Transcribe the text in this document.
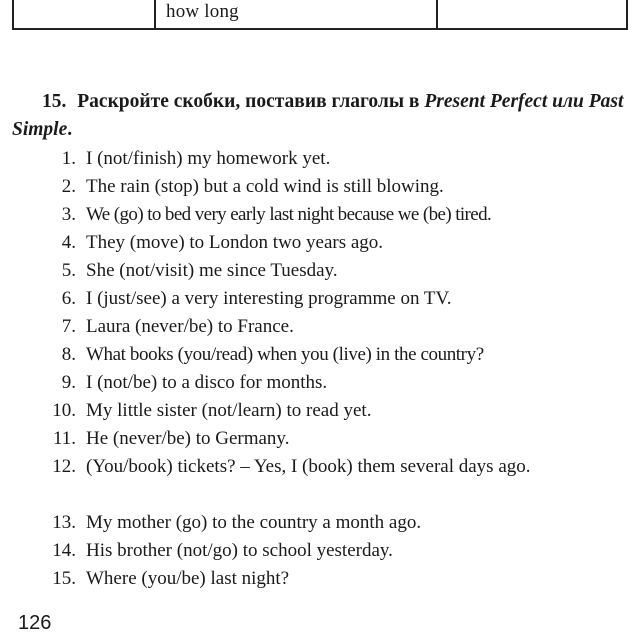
how long
15. Раскройте скобки, поставив глаголы в Present Perfect или Past Simple.
1. I (not/finish) my homework yet.
2. The rain (stop) but a cold wind is still blowing.
3. We (go) to bed very early last night because we (be) tired.
4. They (move) to London two years ago.
5. She (not/visit) me since Tuesday.
6. I (just/see) a very interesting programme on TV.
7. Laura (never/be) to France.
8. What books (you/read) when you (live) in the country?
9. I (not/be) to a disco for months.
10. My little sister (not/learn) to read yet.
11. He (never/be) to Germany.
12. (You/book) tickets? – Yes, I (book) them several days ago.
13. My mother (go) to the country a month ago.
14. His brother (not/go) to school yesterday.
15. Where (you/be) last night?
126
